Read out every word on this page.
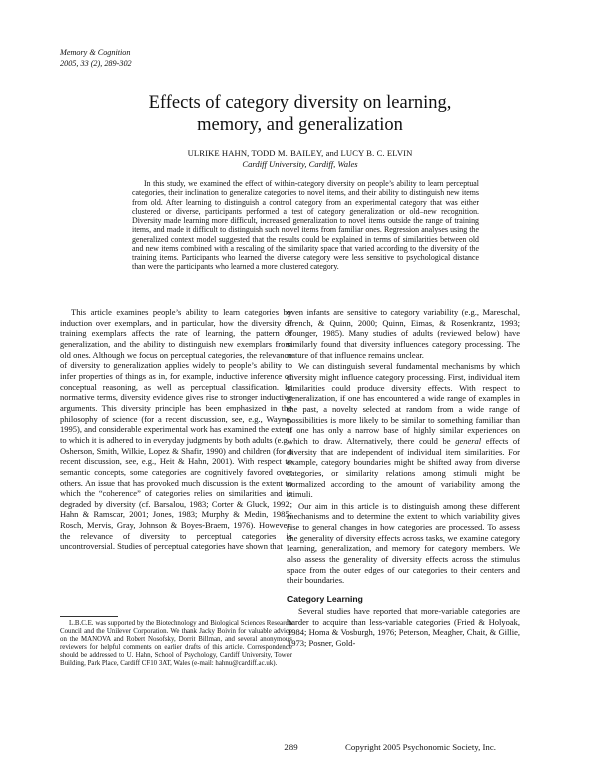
Memory & Cognition
2005, 33 (2), 289-302
Effects of category diversity on learning,
memory, and generalization
ULRIKE HAHN, TODD M. BAILEY, and LUCY B. C. ELVIN
Cardiff University, Cardiff, Wales

In this study, we examined the effect of within-category diversity on people’s ability to learn perceptual categories, their inclination to generalize categories to novel items, and their ability to distinguish new items from old. After learning to distinguish a control category from an experimental category that was either clustered or diverse, participants performed a test of category generalization or old–new recognition. Diversity made learning more difficult, increased generalization to novel items outside the range of training items, and made it difficult to distinguish such novel items from familiar ones. Regression analyses using the generalized context model suggested that the results could be explained in terms of similarities between old and new items combined with a rescaling of the similarity space that varied according to the diversity of the training items. Participants who learned the diverse category were less sensitive to psychological distance than were the participants who learned a more clustered category.

This article examines people’s ability to learn categories by induction over exemplars, and in particular, how the diversity of training exemplars affects the rate of learning, the pattern of generalization, and the ability to distinguish new exemplars from old ones. Although we focus on perceptual categories, the relevance of diversity to generalization applies widely to people’s ability to infer properties of things as in, for example, inductive inference or conceptual reasoning, as well as perceptual classification. In normative terms, diversity evidence gives rise to stronger inductive arguments. This diversity principle has been emphasized in the philosophy of science (for a recent discussion, see, e.g., Wayne, 1995), and considerable experimental work has examined the extent to which it is adhered to in everyday judgments by both adults (e.g., Osherson, Smith, Wilkie, Lopez & Shafir, 1990) and children (for a recent discussion, see, e.g., Heit & Hahn, 2001). With respect to semantic concepts, some categories are cognitively favored over others. An issue that has provoked much discussion is the extent to which the “coherence” of categories relies on similarities and is degraded by diversity (cf. Barsalou, 1983; Corter & Gluck, 1992; Hahn & Ramscar, 2001; Jones, 1983; Murphy & Medin, 1985; Rosch, Mervis, Gray, Johnson & Boyes-Braem, 1976). However, the relevance of diversity to perceptual categories is uncontroversial. Studies of perceptual categories have shown that

L.B.C.E. was supported by the Biotechnology and Biological Sciences Research Council and the Unilever Corporation. We thank Jacky Boivin for valuable advice on the MANOVA and Robert Nosofsky, Dorrit Billman, and several anonymous reviewers for helpful comments on earlier drafts of this article. Correspondence should be addressed to U. Hahn, School of Psychology, Cardiff University, Tower Building, Park Place, Cardiff CF10 3AT, Wales (e-mail: hahnu@cardiff.ac.uk).

even infants are sensitive to category variability (e.g., Mareschal, French, & Quinn, 2000; Quinn, Eimas, & Rosenkrantz, 1993; Younger, 1985). Many studies of adults (reviewed below) have similarly found that diversity influences category processing. The nature of that influence remains unclear.

We can distinguish several fundamental mechanisms by which diversity might influence category processing. First, individual item similarities could produce diversity effects. With respect to generalization, if one has encountered a wide range of examples in the past, a novelty selected at random from a wide range of possibilities is more likely to be similar to something familiar than if one has only a narrow base of highly similar experiences on which to draw. Alternatively, there could be general effects of diversity that are independent of individual item similarities. For example, category boundaries might be shifted away from diverse categories, or similarity relations among stimuli might be normalized according to the amount of variability among the stimuli.

Our aim in this article is to distinguish among these different mechanisms and to determine the extent to which variability gives rise to general changes in how categories are processed. To assess the generality of diversity effects across tasks, we examine category learning, generalization, and memory for category members. We also assess the generality of diversity effects across the stimulus space from the outer edges of our categories to their centers and their boundaries.

Category Learning

Several studies have reported that more-variable categories are harder to acquire than less-variable categories (Fried & Holyoak, 1984; Homa & Vosburgh, 1976; Peterson, Meagher, Chait, & Gillie, 1973; Posner, Gold-

289	Copyright 2005 Psychonomic Society, Inc.
